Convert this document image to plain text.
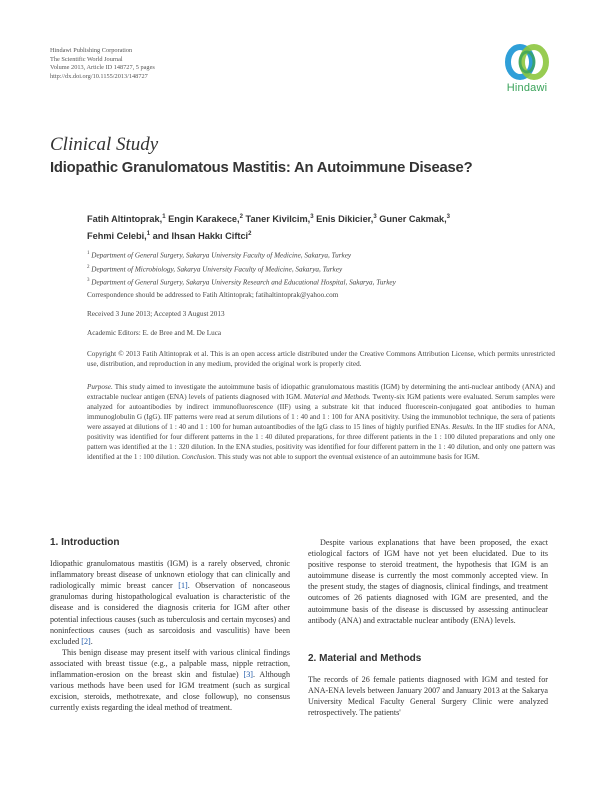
Hindawi Publishing Corporation
The Scientific World Journal
Volume 2013, Article ID 148727, 5 pages
http://dx.doi.org/10.1155/2013/148727
Hindawi
Clinical Study
Idiopathic Granulomatous Mastitis: An Autoimmune Disease?
Fatih Altintoprak,$^1$ Engin Karakece,$^2$ Taner Kivilcim,$^3$ Enis Dikicier,$^3$ Guner Cakmak,$^3$
Fehmi Celebi,$^1$ and Ihsan Hakkı Ciftci$^2$
$^1$ Department of General Surgery, Sakarya University Faculty of Medicine, Sakarya, Turkey
$^2$ Department of Microbiology, Sakarya University Faculty of Medicine, Sakarya, Turkey
$^3$ Department of General Surgery, Sakarya University Research and Educational Hospital, Sakarya, Turkey
Correspondence should be addressed to Fatih Altintoprak; fatihaltintoprak@yahoo.com
Received 3 June 2013; Accepted 3 August 2013
Academic Editors: E. de Bree and M. De Luca
Copyright © 2013 Fatih Altintoprak et al. This is an open access article distributed under the Creative Commons Attribution License, which permits unrestricted use, distribution, and reproduction in any medium, provided the original work is properly cited.
Purpose. This study aimed to investigate the autoimmune basis of idiopathic granulomatous mastitis (IGM) by determining the anti-nuclear antibody (ANA) and extractable nuclear antigen (ENA) levels of patients diagnosed with IGM. Material and Methods. Twenty-six IGM patients were evaluated. Serum samples were analyzed for autoantibodies by indirect immunofluorescence (IIF) using a substrate kit that induced fluorescein-conjugated goat antibodies to human immunoglobulin G (IgG). IIF patterns were read at serum dilutions of 1 : 40 and 1 : 100 for ANA positivity. Using the immunoblot technique, the sera of patients were assayed at dilutions of 1 : 40 and 1 : 100 for human autoantibodies of the IgG class to 15 lines of highly purified ENAs. Results. In the IIF studies for ANA, positivity was identified for four different patterns in the 1 : 40 diluted preparations, for three different patients in the 1 : 100 diluted preparations and only one pattern was identified at the 1 : 320 dilution. In the ENA studies, positivity was identified for four different pattern in the 1 : 40 dilution, and only one pattern was identified at the 1 : 100 dilution. Conclusion. This study was not able to support the eventual existence of an autoimmune basis for IGM.
1. Introduction

Idiopathic granulomatous mastitis (IGM) is a rarely observed, chronic inflammatory breast disease of unknown etiology that can clinically and radiologically mimic breast cancer [1]. Observation of noncaseous granulomas during histopathological evaluation is characteristic of the disease and is considered the diagnosis criteria for IGM after other potential infectious causes (such as tuberculosis and certain mycoses) and noninfectious causes (such as sarcoidosis and vasculitis) have been excluded [2].

This benign disease may present itself with various clinical findings associated with breast tissue (e.g., a palpable mass, nipple retraction, inflammation-erosion on the breast skin and fistulae) [3]. Although various methods have been used for IGM treatment (such as surgical excision, steroids, methotrexate, and close followup), no consensus currently exists regarding the ideal method of treatment.

Despite various explanations that have been proposed, the exact etiological factors of IGM have not yet been elucidated. Due to its positive response to steroid treatment, the hypothesis that IGM is an autoimmune disease is currently the most commonly accepted view. In the present study, the stages of diagnosis, clinical findings, and treatment outcomes of 26 patients diagnosed with IGM are presented, and the autoimmune basis of the disease is discussed by assessing antinuclear antibody (ANA) and extractable nuclear antibody (ENA) levels.

2. Material and Methods

The records of 26 female patients diagnosed with IGM and tested for ANA-ENA levels between January 2007 and January 2013 at the Sakarya University Medical Faculty General Surgery Clinic were analyzed retrospectively. The patients'
